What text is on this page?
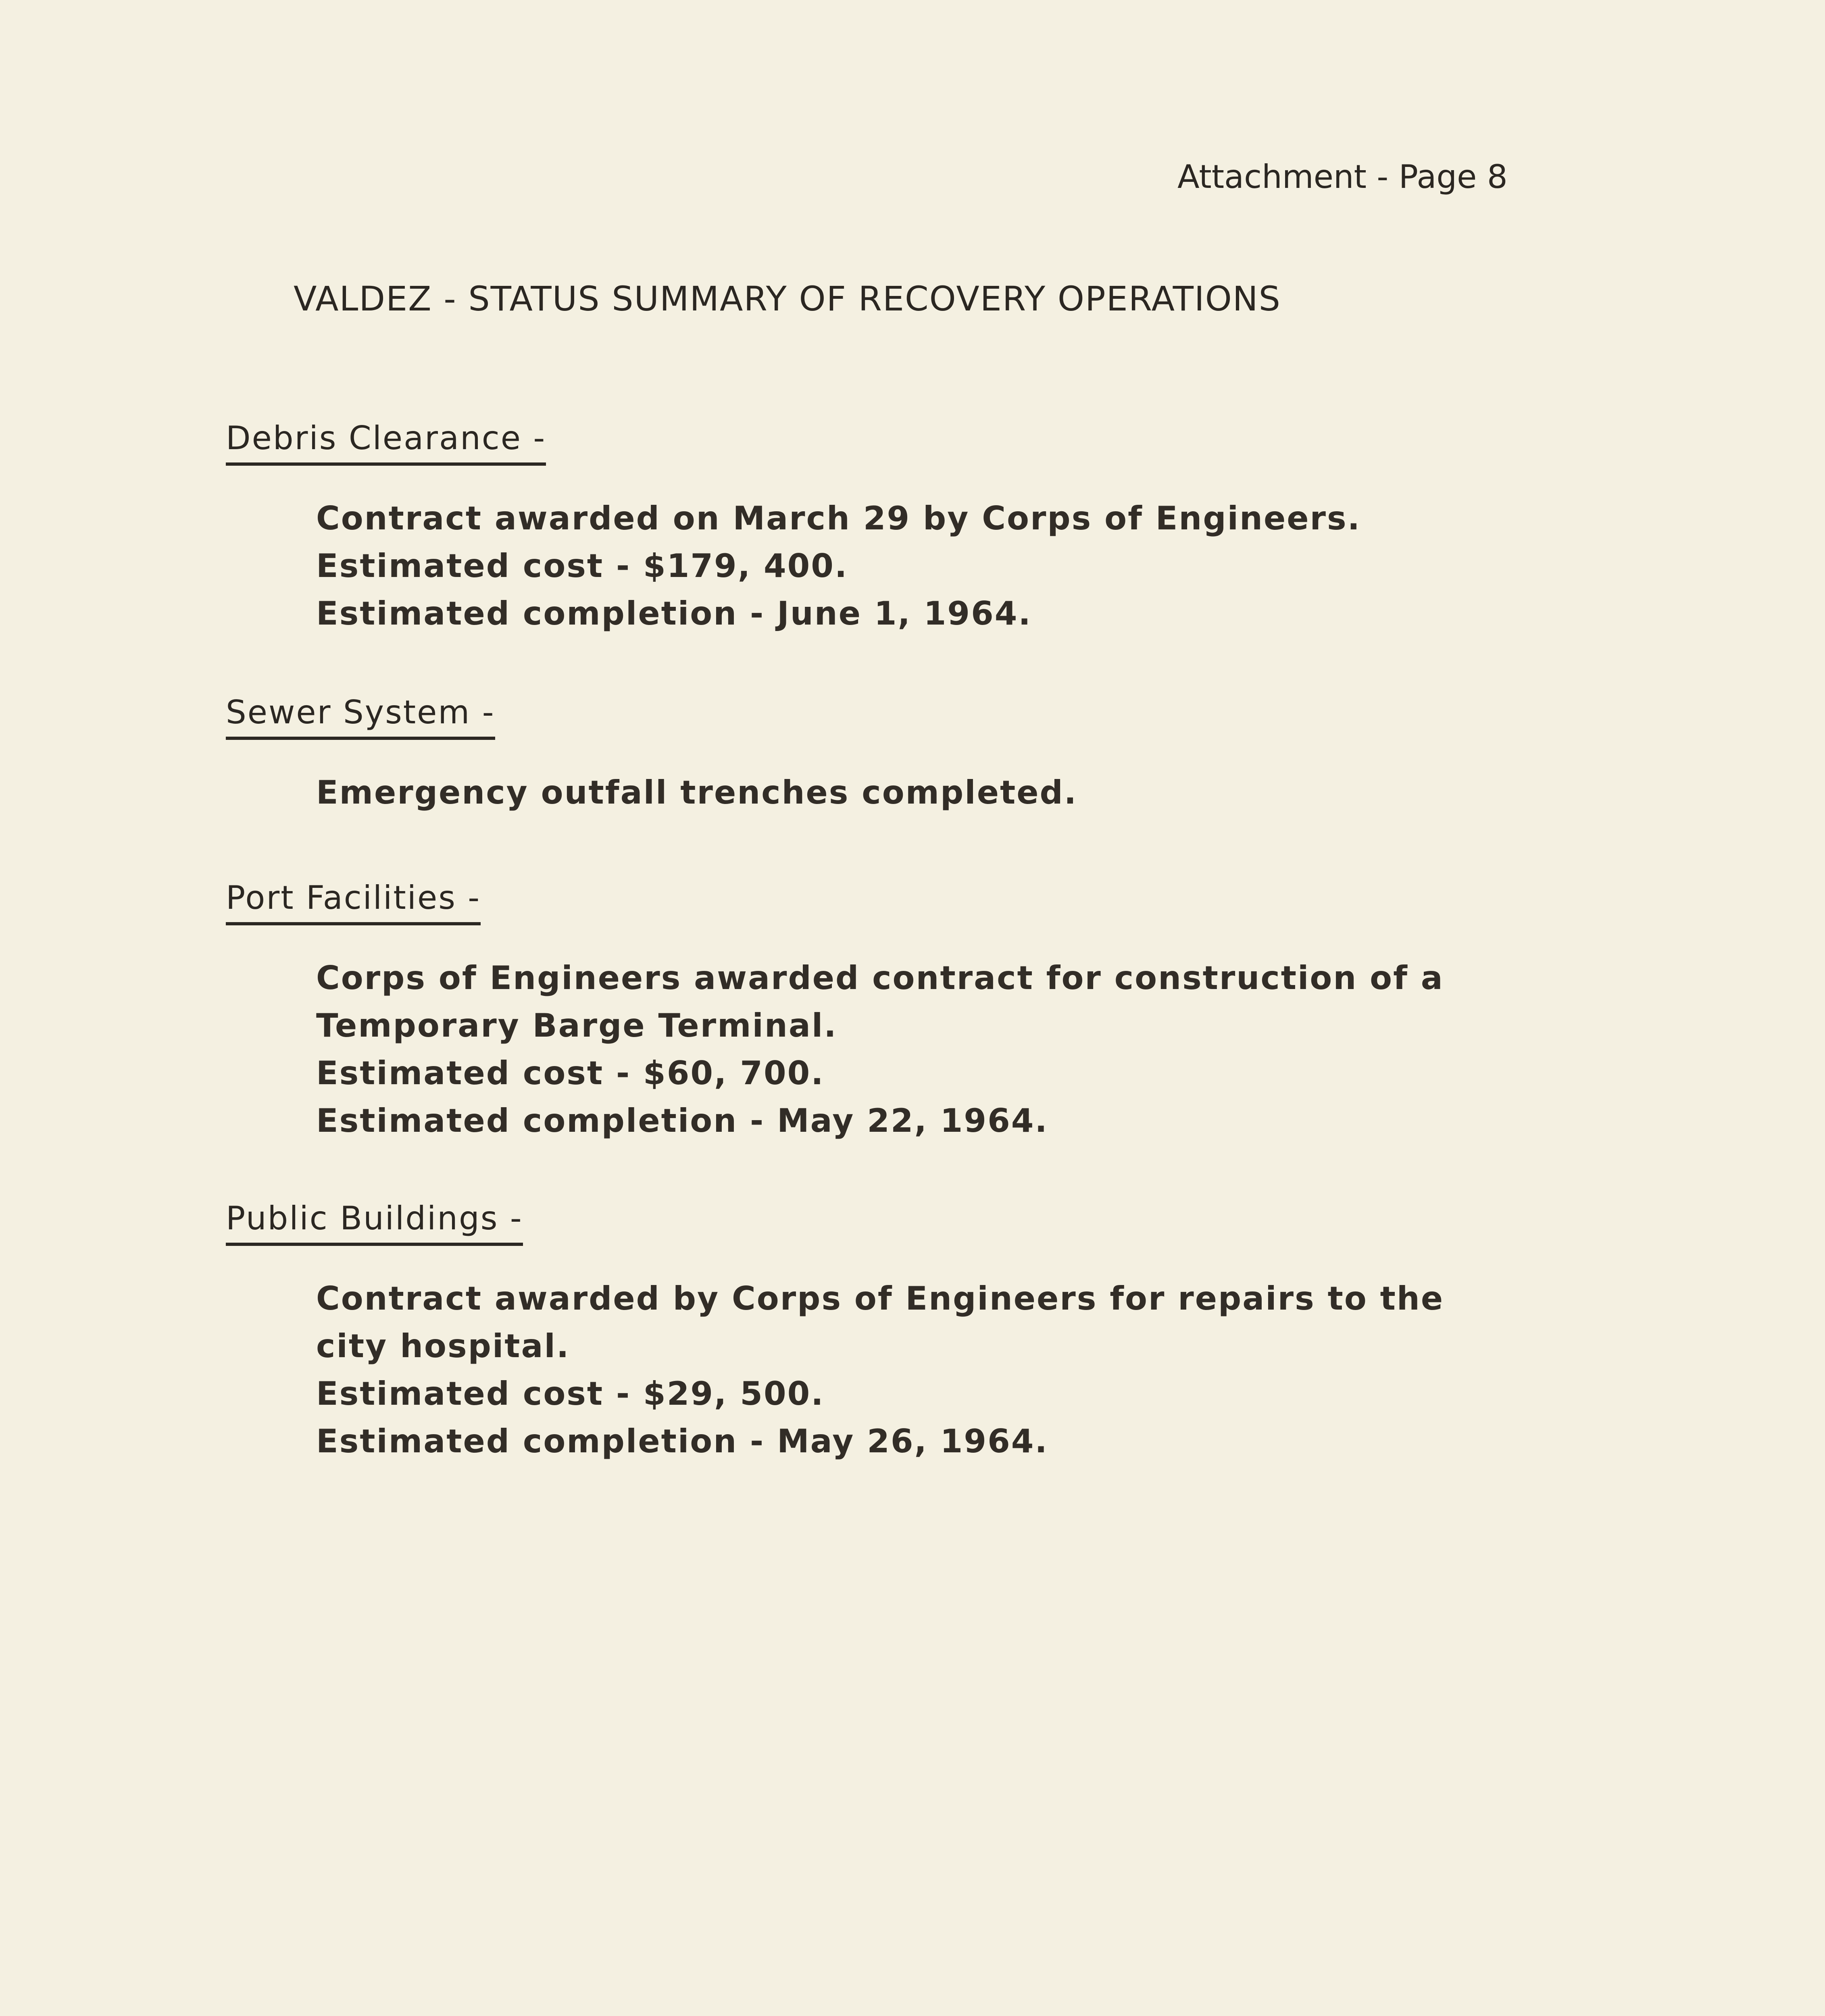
Attachment - Page 8
VALDEZ - STATUS SUMMARY OF RECOVERY OPERATIONS
Debris Clearance -
Contract awarded on March 29 by Corps of Engineers.
Estimated cost - $179, 400.
Estimated completion - June 1, 1964.
Sewer System -
Emergency outfall trenches completed.
Port Facilities -
Corps of Engineers awarded contract for construction of a
Temporary Barge Terminal.
Estimated cost - $60, 700.
Estimated completion - May 22, 1964.
Public Buildings -
Contract awarded by Corps of Engineers for repairs to the
city hospital.
Estimated cost - $29, 500.
Estimated completion - May 26, 1964.
